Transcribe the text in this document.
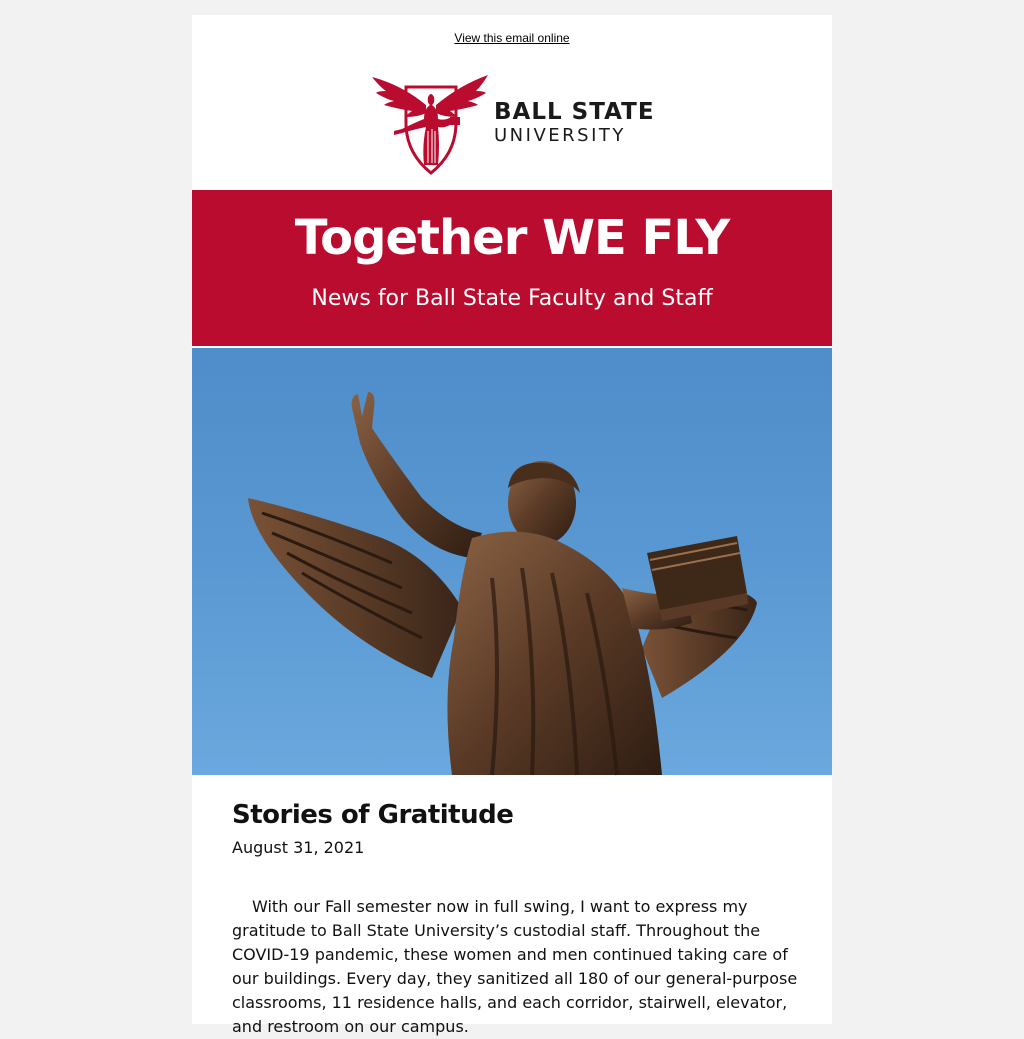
View this email online
BALL STATE
UNIVERSITY
Together WE FLY
News for Ball State Faculty and Staff
Stories of Gratitude
August 31, 2021
With our Fall semester now in full swing, I want to express my gratitude to Ball State University’s custodial staff. Throughout the COVID-19 pandemic, these women and men continued taking care of our buildings. Every day, they sanitized all 180 of our general-purpose classrooms, 11 residence halls, and each corridor, stairwell, elevator, and restroom on our campus.
